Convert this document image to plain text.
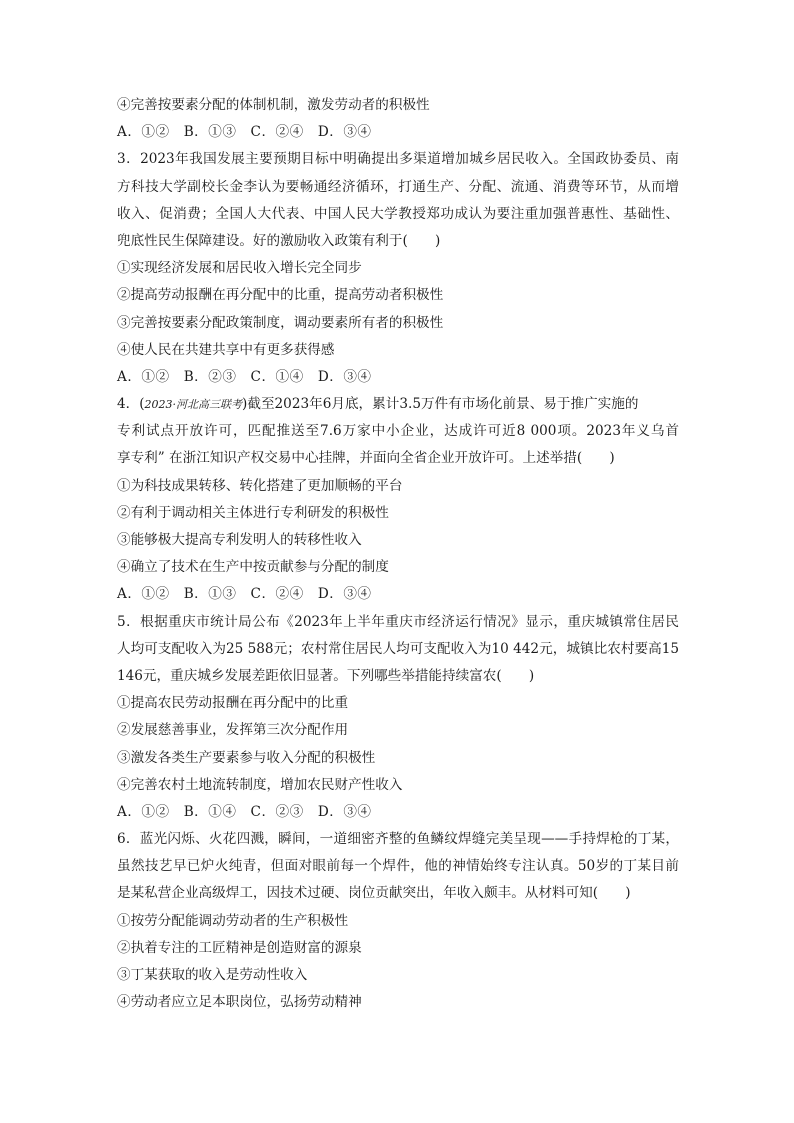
④完善按要素分配的体制机制，激发劳动者的积极性
A．①②　B．①③　C．②④　D．③④
3．2023年我国发展主要预期目标中明确提出多渠道增加城乡居民收入。全国政协委员、南
方科技大学副校长金李认为要畅通经济循环，打通生产、分配、流通、消费等环节，从而增
收入、促消费；全国人大代表、中国人民大学教授郑功成认为要注重加强普惠性、基础性、
兜底性民生保障建设。好的激励收入政策有利于(　　)
①实现经济发展和居民收入增长完全同步
②提高劳动报酬在再分配中的比重，提高劳动者积极性
③完善按要素分配政策制度，调动要素所有者的积极性
④使人民在共建共享中有更多获得感
A．①②　B．②③　C．①④　D．③④
4．(2023·河北高三联考)截至2023年6月底，累计3.5万件有市场化前景、易于推广实施的
专利试点开放许可，匹配推送至7.6万家中小企业，达成许可近8 000项。2023年义乌首
享专利” 在浙江知识产权交易中心挂牌，并面向全省企业开放许可。上述举措(　　)
①为科技成果转移、转化搭建了更加顺畅的平台
②有利于调动相关主体进行专利研发的积极性
③能够极大提高专利发明人的转移性收入
④确立了技术在生产中按贡献参与分配的制度
A．①②　B．①③　C．②④　D．③④
5．根据重庆市统计局公布《2023年上半年重庆市经济运行情况》显示，重庆城镇常住居民
人均可支配收入为25 588元；农村常住居民人均可支配收入为10 442元，城镇比农村要高15
146元，重庆城乡发展差距依旧显著。下列哪些举措能持续富农(　　)
①提高农民劳动报酬在再分配中的比重
②发展慈善事业，发挥第三次分配作用
③激发各类生产要素参与收入分配的积极性
④完善农村土地流转制度，增加农民财产性收入
A．①②　B．①④　C．②③　D．③④
6．蓝光闪烁、火花四溅，瞬间，一道细密齐整的鱼鳞纹焊缝完美呈现——手持焊枪的丁某，
虽然技艺早已炉火纯青，但面对眼前每一个焊件，他的神情始终专注认真。50岁的丁某目前
是某私营企业高级焊工，因技术过硬、岗位贡献突出，年收入颇丰。从材料可知(　　)
①按劳分配能调动劳动者的生产积极性
②执着专注的工匠精神是创造财富的源泉
③丁某获取的收入是劳动性收入
④劳动者应立足本职岗位，弘扬劳动精神
